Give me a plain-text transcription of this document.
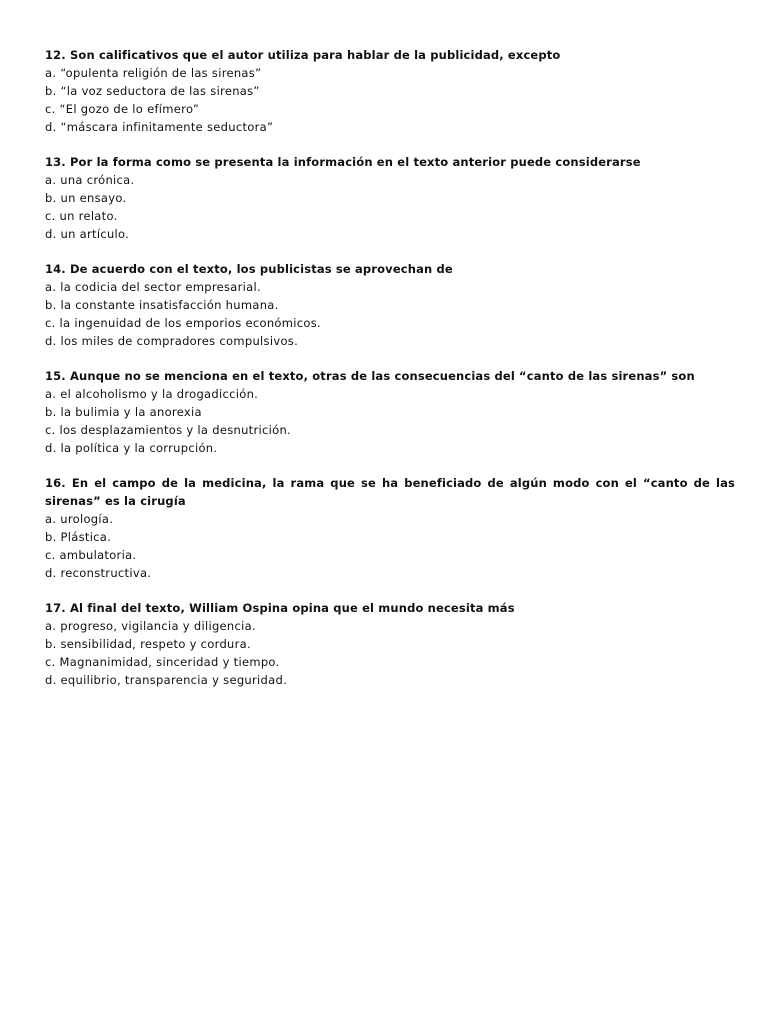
12. Son calificativos que el autor utiliza para hablar de la publicidad, excepto
a. “opulenta religión de las sirenas”
b. “la voz seductora de las sirenas”
c. “El gozo de lo efímero”
d. “máscara infinitamente seductora”
13. Por la forma como se presenta la información en el texto anterior puede considerarse
a. una crónica.
b. un ensayo.
c. un relato.
d. un artículo.
14. De acuerdo con el texto, los publicistas se aprovechan de
a. la codicia del sector empresarial.
b. la constante insatisfacción humana.
c. la ingenuidad de los emporios económicos.
d. los miles de compradores compulsivos.
15. Aunque no se menciona en el texto, otras de las consecuencias del “canto de las sirenas” son
a. el alcoholismo y la drogadicción.
b. la bulimia y la anorexia
c. los desplazamientos y la desnutrición.
d. la política y la corrupción.
16. En el campo de la medicina, la rama que se ha beneficiado de algún modo con el “canto de las sirenas” es la cirugía
a. urología.
b. Plástica.
c. ambulatoria.
d. reconstructiva.
17. Al final del texto, William Ospina opina que el mundo necesita más
a. progreso, vigilancia y diligencia.
b. sensibilidad, respeto y cordura.
c. Magnanimidad, sinceridad y tiempo.
d. equilibrio, transparencia y seguridad.
